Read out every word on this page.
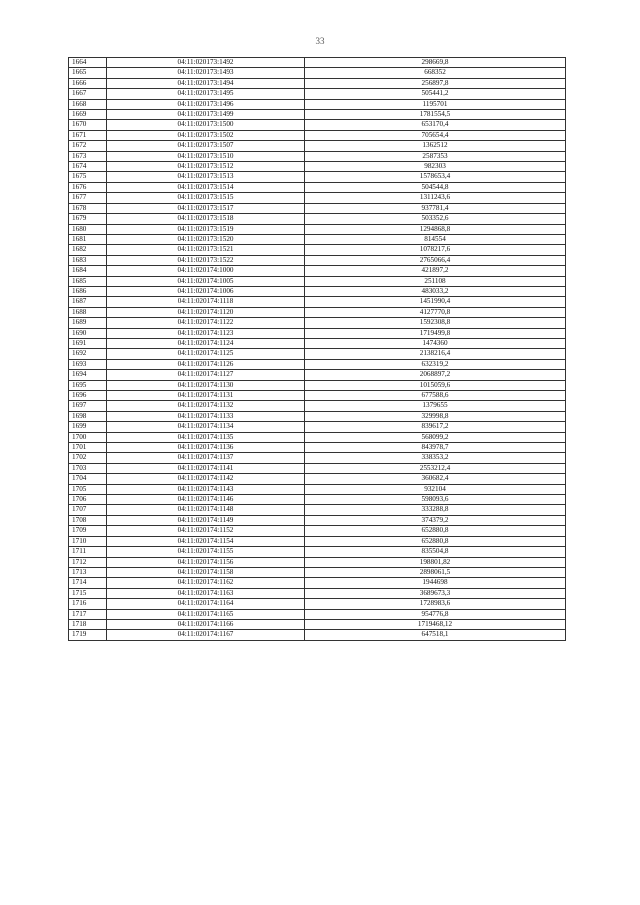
33
1664	04:11:020173:1492	298669,8
1665	04:11:020173:1493	668352
1666	04:11:020173:1494	256897,8
1667	04:11:020173:1495	505441,2
1668	04:11:020173:1496	1195701
1669	04:11:020173:1499	1781554,5
1670	04:11:020173:1500	653170,4
1671	04:11:020173:1502	705654,4
1672	04:11:020173:1507	1362512
1673	04:11:020173:1510	2587353
1674	04:11:020173:1512	982303
1675	04:11:020173:1513	1578653,4
1676	04:11:020173:1514	504544,8
1677	04:11:020173:1515	1311243,6
1678	04:11:020173:1517	937781,4
1679	04:11:020173:1518	503352,6
1680	04:11:020173:1519	1294868,8
1681	04:11:020173:1520	814554
1682	04:11:020173:1521	1078217,6
1683	04:11:020173:1522	2765066,4
1684	04:11:020174:1000	421897,2
1685	04:11:020174:1005	251108
1686	04:11:020174:1006	483033,2
1687	04:11:020174:1118	1451990,4
1688	04:11:020174:1120	4127770,8
1689	04:11:020174:1122	1592308,8
1690	04:11:020174:1123	1719499,8
1691	04:11:020174:1124	1474360
1692	04:11:020174:1125	2138216,4
1693	04:11:020174:1126	632319,2
1694	04:11:020174:1127	2068897,2
1695	04:11:020174:1130	1015059,6
1696	04:11:020174:1131	677588,6
1697	04:11:020174:1132	1379655
1698	04:11:020174:1133	329998,8
1699	04:11:020174:1134	839617,2
1700	04:11:020174:1135	568099,2
1701	04:11:020174:1136	843978,7
1702	04:11:020174:1137	338353,2
1703	04:11:020174:1141	2553212,4
1704	04:11:020174:1142	360682,4
1705	04:11:020174:1143	932104
1706	04:11:020174:1146	598093,6
1707	04:11:020174:1148	333288,8
1708	04:11:020174:1149	374379,2
1709	04:11:020174:1152	652880,8
1710	04:11:020174:1154	652880,8
1711	04:11:020174:1155	835504,8
1712	04:11:020174:1156	198801,82
1713	04:11:020174:1158	2898061,5
1714	04:11:020174:1162	1944698
1715	04:11:020174:1163	3689673,3
1716	04:11:020174:1164	1728983,6
1717	04:11:020174:1165	954776,8
1718	04:11:020174:1166	1719468,12
1719	04:11:020174:1167	647518,1
